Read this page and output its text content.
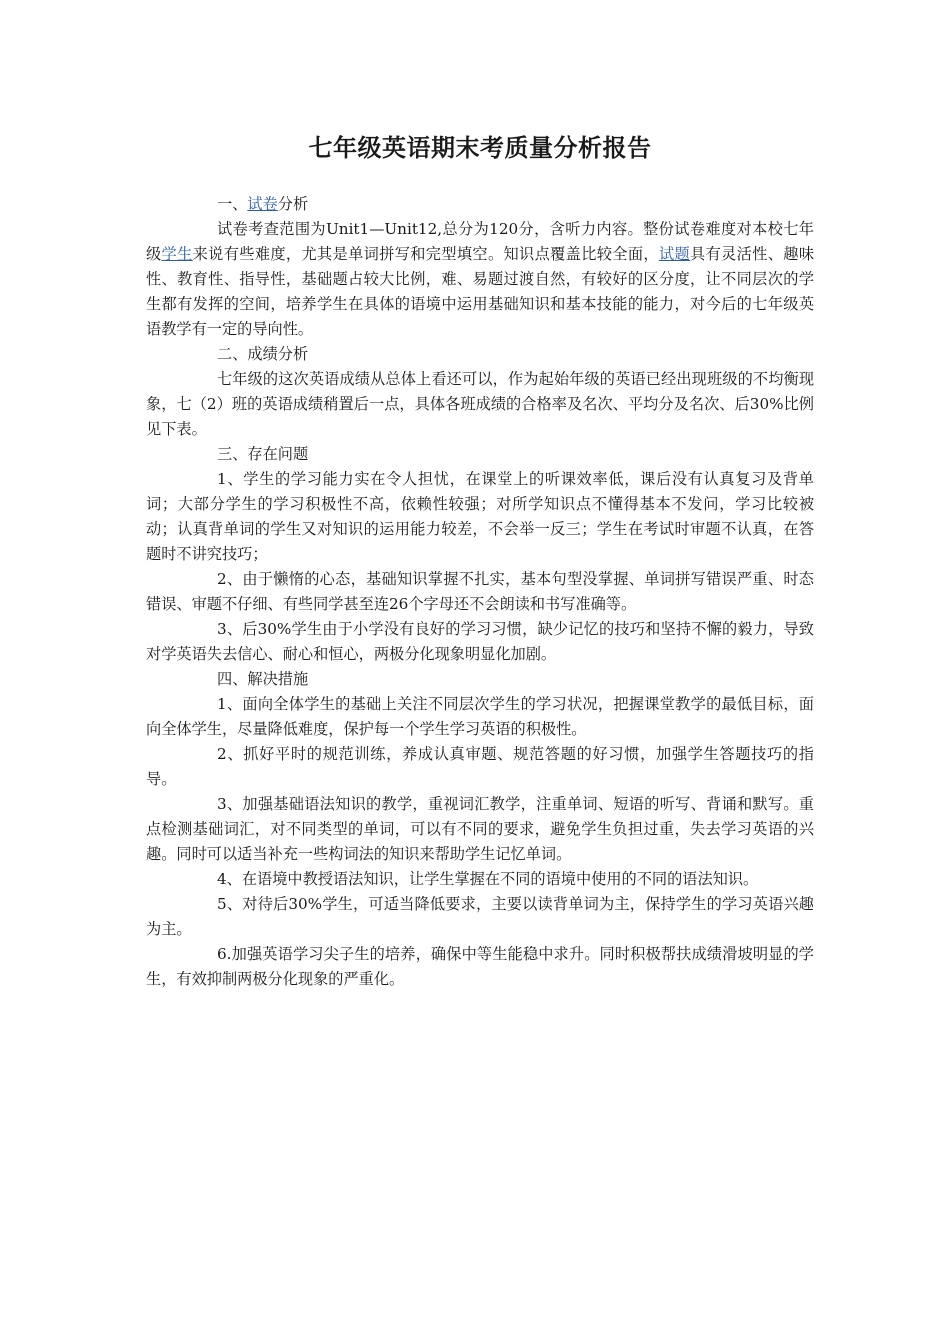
七年级英语期末考质量分析报告

一、试卷分析

试卷考查范围为Unit1—Unit12,总分为120分，含听力内容。整份试卷难度对本校七年级学生来说有些难度，尤其是单词拼写和完型填空。知识点覆盖比较全面，试题具有灵活性、趣味性、教育性、指导性，基础题占较大比例，难、易题过渡自然，有较好的区分度，让不同层次的学生都有发挥的空间，培养学生在具体的语境中运用基础知识和基本技能的能力，对今后的七年级英语教学有一定的导向性。

二、成绩分析

七年级的这次英语成绩从总体上看还可以，作为起始年级的英语已经出现班级的不均衡现象，七（2）班的英语成绩稍置后一点，具体各班成绩的合格率及名次、平均分及名次、后30%比例见下表。

三、存在问题

1、学生的学习能力实在令人担忧，在课堂上的听课效率低，课后没有认真复习及背单词；大部分学生的学习积极性不高，依赖性较强；对所学知识点不懂得基本不发问，学习比较被动；认真背单词的学生又对知识的运用能力较差，不会举一反三；学生在考试时审题不认真，在答题时不讲究技巧；

2、由于懒惰的心态，基础知识掌握不扎实，基本句型没掌握、单词拼写错误严重、时态错误、审题不仔细、有些同学甚至连26个字母还不会朗读和书写准确等。

3、后30%学生由于小学没有良好的学习习惯，缺少记忆的技巧和坚持不懈的毅力，导致对学英语失去信心、耐心和恒心，两极分化现象明显化加剧。

四、解决措施

1、面向全体学生的基础上关注不同层次学生的学习状况，把握课堂教学的最低目标，面向全体学生，尽量降低难度，保护每一个学生学习英语的积极性。

2、抓好平时的规范训练，养成认真审题、规范答题的好习惯，加强学生答题技巧的指导。

3、加强基础语法知识的教学，重视词汇教学，注重单词、短语的听写、背诵和默写。重点检测基础词汇，对不同类型的单词，可以有不同的要求，避免学生负担过重，失去学习英语的兴趣。同时可以适当补充一些构词法的知识来帮助学生记忆单词。

4、在语境中教授语法知识，让学生掌握在不同的语境中使用的不同的语法知识。

5、对待后30%学生，可适当降低要求，主要以读背单词为主，保持学生的学习英语兴趣为主。

6.加强英语学习尖子生的培养，确保中等生能稳中求升。同时积极帮扶成绩滑坡明显的学生，有效抑制两极分化现象的严重化。
